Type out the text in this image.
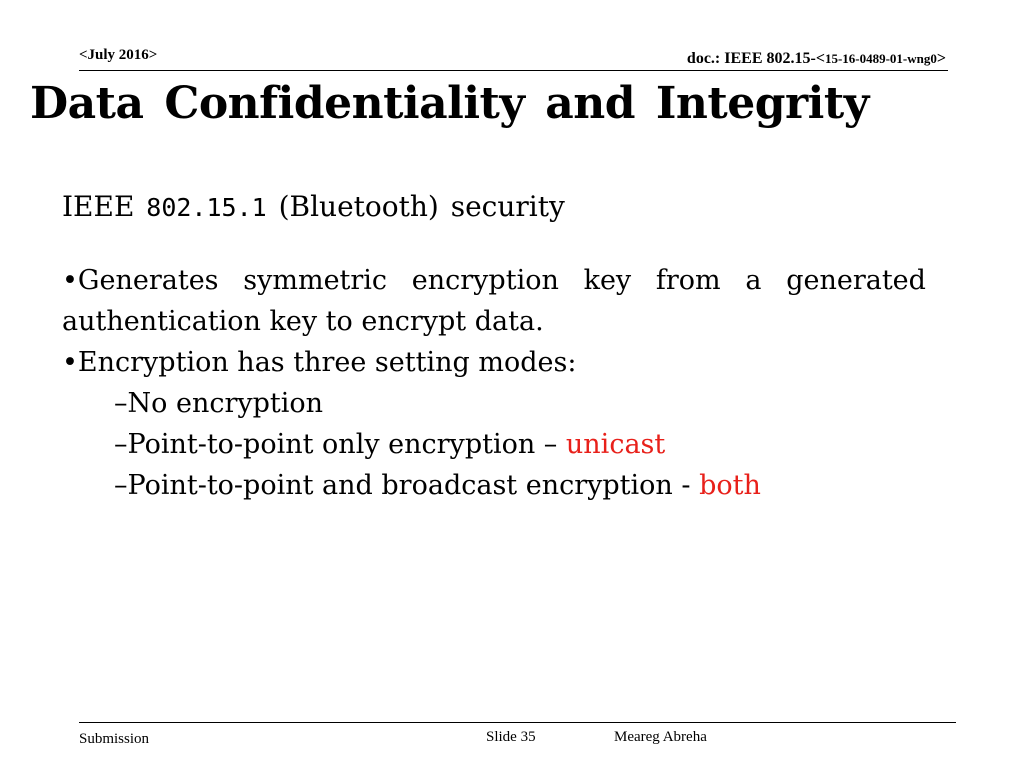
<July 2016>	doc.: IEEE 802.15-<15-16-0489-01-wng0>
Data Confidentiality and Integrity
IEEE 802.15.1 (Bluetooth) security
•Generates symmetric encryption key from a generated
authentication key to encrypt data.
•Encryption has three setting modes:
–No encryption
–Point-to-point only encryption – unicast
–Point-to-point and broadcast encryption - both
Submission	Slide 35	Meareg Abreha
